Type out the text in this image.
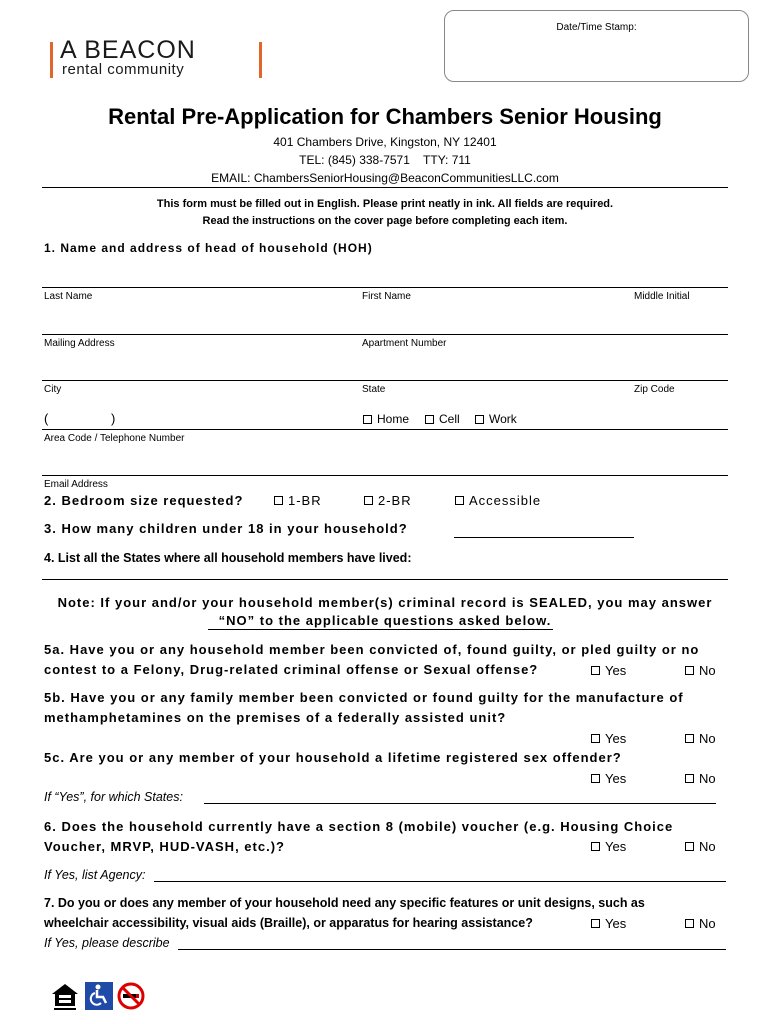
A BEACON
rental community
Date/Time Stamp:
Rental Pre-Application for Chambers Senior Housing
401 Chambers Drive, Kingston, NY 12401
TEL: (845) 338-7571    TTY: 711
EMAIL: ChambersSeniorHousing@BeaconCommunitiesLLC.com
This form must be filled out in English. Please print neatly in ink. All fields are required.
Read the instructions on the cover page before completing each item.
1. Name and address of head of household (HOH)
Last Name	First Name	Middle Initial
Mailing Address	Apartment Number
City	State	Zip Code
(	)	Home Cell Work
Area Code / Telephone Number
Email Address
2. Bedroom size requested?	1-BR	2-BR	Accessible
3. How many children under 18 in your household?
4. List all the States where all household members have lived:
Note: If your and/or your household member(s) criminal record is SEALED, you may answer
“NO” to the applicable questions asked below.
5a. Have you or any household member been convicted of, found guilty, or pled guilty or no
contest to a Felony, Drug-related criminal offense or Sexual offense?	Yes	No
5b. Have you or any family member been convicted or found guilty for the manufacture of
methamphetamines on the premises of a federally assisted unit?
Yes	No
5c. Are you or any member of your household a lifetime registered sex offender?
Yes	No
If “Yes”, for which States:
6. Does the household currently have a section 8 (mobile) voucher (e.g. Housing Choice
Voucher, MRVP, HUD-VASH, etc.)?	Yes	No
If Yes, list Agency:
7. Do you or does any member of your household need any specific features or unit designs, such as
wheelchair accessibility, visual aids (Braille), or apparatus for hearing assistance?	Yes	No
If Yes, please describe
